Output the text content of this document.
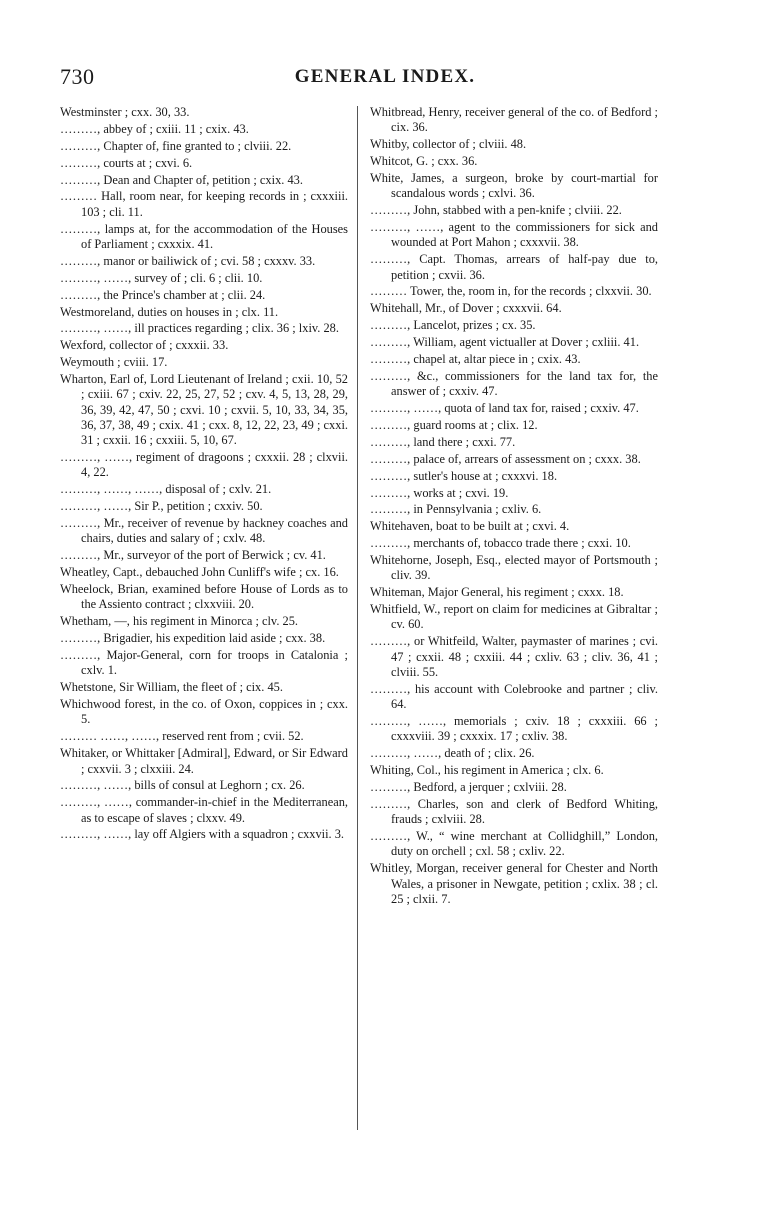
730	GENERAL INDEX.

Westminster ; cxx. 30, 33.

………, abbey of ; cxiii. 11 ; cxix. 43.

………, Chapter of, fine granted to ; clviii. 22.

………, courts at ; cxvi. 6.

………, Dean and Chapter of, petition ; cxix. 43.

……… Hall, room near, for keeping records in ; cxxxiii. 103 ; cli. 11.

………, lamps at, for the accommodation of the Houses of Parliament ; cxxxix. 41.

………, manor or bailiwick of ; cvi. 58 ; cxxxv. 33.

………, ……, survey of ; cli. 6 ; clii. 10.

………, the Prince's chamber at ; clii. 24.

Westmoreland, duties on houses in ; clx. 11.

………, ……, ill practices regarding ; clix. 36 ; lxiv. 28.

Wexford, collector of ; cxxxii. 33.

Weymouth ; cviii. 17.

Wharton, Earl of, Lord Lieutenant of Ireland ; cxii. 10, 52 ; cxiii. 67 ; cxiv. 22, 25, 27, 52 ; cxv. 4, 5, 13, 28, 29, 36, 39, 42, 47, 50 ; cxvi. 10 ; cxvii. 5, 10, 33, 34, 35, 36, 37, 38, 49 ; cxix. 41 ; cxx. 8, 12, 22, 23, 49 ; cxxi. 31 ; cxxii. 16 ; cxxiii. 5, 10, 67.

………, ……, regiment of dragoons ; cxxxii. 28 ; clxvii. 4, 22.

………, ……, ……, disposal of ; cxlv. 21.

………, ……, Sir P., petition ; cxxiv. 50.

………, Mr., receiver of revenue by hackney coaches and chairs, duties and salary of ; cxlv. 48.

………, Mr., surveyor of the port of Berwick ; cv. 41.

Wheatley, Capt., debauched John Cunliff's wife ; cx. 16.

Wheelock, Brian, examined before House of Lords as to the Assiento contract ; clxxviii. 20.

Whetham, —, his regiment in Minorca ; clv. 25.

………, Brigadier, his expedition laid aside ; cxx. 38.

………, Major-General, corn for troops in Catalonia ; cxlv. 1.

Whetstone, Sir William, the fleet of ; cix. 45.

Whichwood forest, in the co. of Oxon, coppices in ; cxx. 5.

……… ……, ……, reserved rent from ; cvii. 52.

Whitaker, or Whittaker [Admiral], Edward, or Sir Edward ; cxxvii. 3 ; clxxiii. 24.

………, ……, bills of consul at Leghorn ; cx. 26.

………, ……, commander-in-chief in the Mediterranean, as to escape of slaves ; clxxv. 49.

………, ……, lay off Algiers with a squadron ; cxxvii. 3.

Whitbread, Henry, receiver general of the co. of Bedford ; cix. 36.

Whitby, collector of ; clviii. 48.

Whitcot, G. ; cxx. 36.

White, James, a surgeon, broke by court-martial for scandalous words ; cxlvi. 36.

………, John, stabbed with a pen-knife ; clviii. 22.

………, ……, agent to the commissioners for sick and wounded at Port Mahon ; cxxxvii. 38.

………, Capt. Thomas, arrears of half-pay due to, petition ; cxvii. 36.

……… Tower, the, room in, for the records ; clxxvii. 30.

Whitehall, Mr., of Dover ; cxxxvii. 64.

………, Lancelot, prizes ; cx. 35.

………, William, agent victualler at Dover ; cxliii. 41.

………, chapel at, altar piece in ; cxix. 43.

………, &c., commissioners for the land tax for, the answer of ; cxxiv. 47.

………, ……, quota of land tax for, raised ; cxxiv. 47.

………, guard rooms at ; clix. 12.

………, land there ; cxxi. 77.

………, palace of, arrears of assessment on ; cxxx. 38.

………, sutler's house at ; cxxxvi. 18.

………, works at ; cxvi. 19.

………, in Pennsylvania ; cxliv. 6.

Whitehaven, boat to be built at ; cxvi. 4.

………, merchants of, tobacco trade there ; cxxi. 10.

Whitehorne, Joseph, Esq., elected mayor of Portsmouth ; cliv. 39.

Whiteman, Major General, his regiment ; cxxx. 18.

Whitfield, W., report on claim for medicines at Gibraltar ; cv. 60.

………, or Whitfeild, Walter, paymaster of marines ; cvi. 47 ; cxxii. 48 ; cxxiii. 44 ; cxliv. 63 ; cliv. 36, 41 ; clviii. 55.

………, his account with Colebrooke and partner ; cliv. 64.

………, ……, memorials ; cxiv. 18 ; cxxxiii. 66 ; cxxxviii. 39 ; cxxxix. 17 ; cxliv. 38.

………, ……, death of ; clix. 26.

Whiting, Col., his regiment in America ; clx. 6.

………, Bedford, a jerquer ; cxlviii. 28.

………, Charles, son and clerk of Bedford Whiting, frauds ; cxlviii. 28.

………, W., “ wine merchant at Collidghill,” London, duty on orchell ; cxl. 58 ; cxliv. 22.

Whitley, Morgan, receiver general for Chester and North Wales, a prisoner in Newgate, petition ; cxlix. 38 ; cl. 25 ; clxii. 7.
